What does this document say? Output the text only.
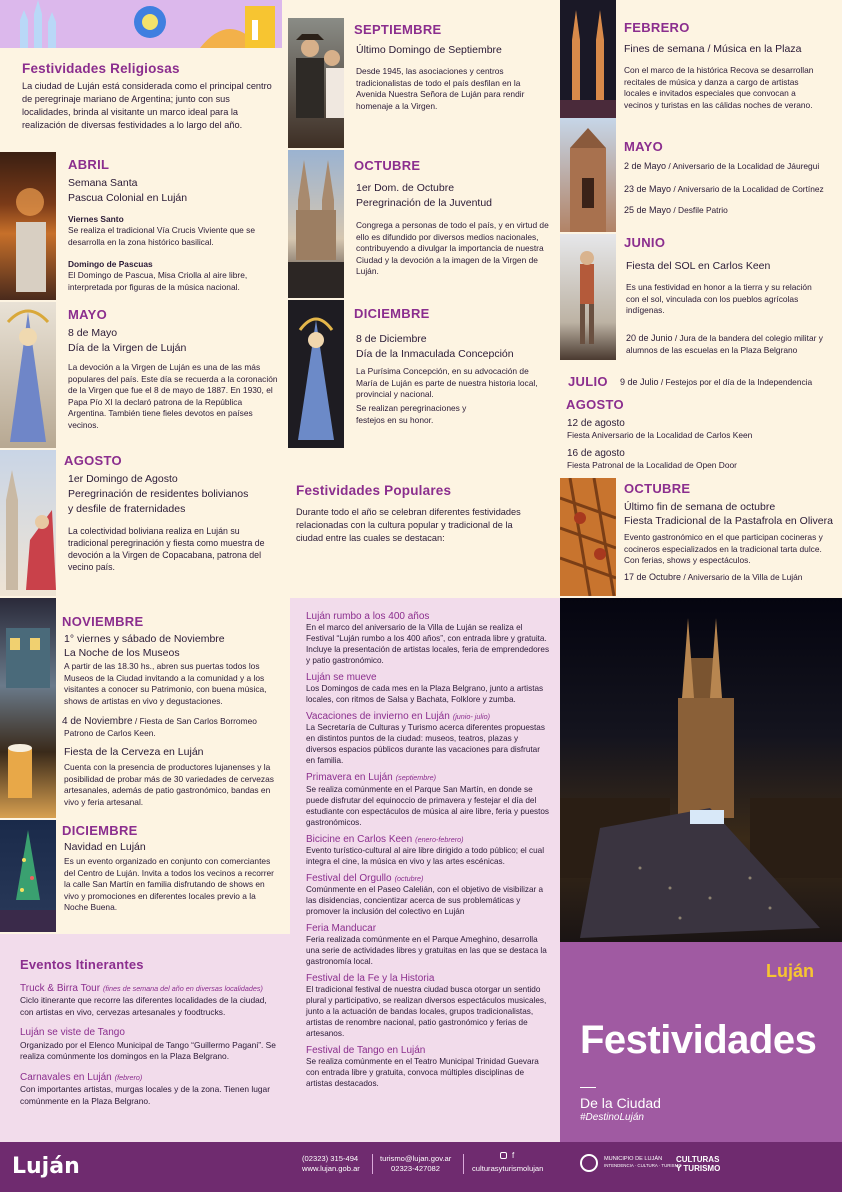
Festividades Religiosas

La ciudad de Luján está considerada como el principal centro de peregrinaje mariano de Argentina; junto con sus localidades, brinda al visitante un marco ideal para la realización de diversas festividades a lo largo del año.

ABRIL

Semana Santa

Pascua Colonial en Luján

Viernes Santo

Se realiza el tradicional Vía Crucis Viviente que se desarrolla en la zona histórico basilical.

Domingo de Pascuas

El Domingo de Pascua, Misa Criolla al aire libre, interpretada por figuras de la música nacional.

MAYO

8 de Mayo

Día de la Virgen de Luján

La devoción a la Virgen de Luján es una de las más populares del país. Este día se recuerda a la coronación de la Virgen que fue el 8 de mayo de 1887. En 1930, el Papa Pío XI la declaró patrona de la República Argentina. También tiene fieles devotos en países vecinos.

AGOSTO

1er Domingo de Agosto

Peregrinación de residentes bolivianos

y desfile de fraternidades

La colectividad boliviana realiza en Luján su tradicional peregrinación y fiesta como muestra de devoción a la Virgen de Copacabana, patrona del vecino país.

SEPTIEMBRE

Último Domingo de Septiembre

Desde 1945, las asociaciones y centros tradicionalistas de todo el país desfilan en la Avenida Nuestra Señora de Luján para rendir homenaje a la Virgen.

OCTUBRE

1er Dom. de Octubre

Peregrinación de la Juventud

Congrega a personas de todo el país, y en virtud de ello es difundido por diversos medios nacionales, contribuyendo a divulgar la importancia de nuestra Ciudad y la devoción a la imagen de la Virgen de Luján.

DICIEMBRE

8 de Diciembre

Día de la Inmaculada Concepción

La Purísima Concepción, en su advocación de María de Luján es parte de nuestra historia local, provincial y nacional.

Se realizan peregrinaciones y festejos en su honor.

Festividades Populares

Durante todo el año se celebran diferentes festividades relacionadas con la cultura popular y tradicional de la ciudad entre las cuales se destacan:

FEBRERO

Fines de semana / Música en la Plaza

Con el marco de la histórica Recova se desarrollan recitales de música y danza a cargo de artistas locales e invitados especiales que convocan a vecinos y turistas en las cálidas noches de verano.

MAYO

2 de Mayo / Aniversario de la Localidad de Jáuregui

23 de Mayo / Aniversario de la Localidad de Cortínez

25 de Mayo / Desfile Patrio

JUNIO

Fiesta del SOL en Carlos Keen

Es una festividad en honor a la tierra y su relación con el sol, vinculada con los pueblos agrícolas indígenas.

20 de Junio / Jura de la bandera del colegio militar y alumnos de las escuelas en la Plaza Belgrano

JULIO 9 de Julio / Festejos por el día de la Independencia

AGOSTO

12 de agosto

Fiesta Aniversario de la Localidad de Carlos Keen

16 de agosto

Fiesta Patronal de la Localidad de Open Door

OCTUBRE

Último fin de semana de octubre

Fiesta Tradicional de la Pastafrola en Olivera

Evento gastronómico en el que participan cocineras y cocineros especializados en la tradicional tarta dulce. Con ferias, shows y espectáculos.

17 de Octubre / Aniversario de la Villa de Luján

NOVIEMBRE

1° viernes y sábado de Noviembre

La Noche de los Museos

A partir de las 18.30 hs., abren sus puertas todos los Museos de la Ciudad invitando a la comunidad y a los visitantes a conocer su Patrimonio, con buena música, shows de artistas en vivo y degustaciones.

4 de Noviembre / Fiesta de San Carlos Borromeo

Patrono de Carlos Keen.

Fiesta de la Cerveza en Luján

Cuenta con la presencia de productores lujanenses y la posibilidad de probar más de 30 variedades de cervezas artesanales, además de patio gastronómico, bandas en vivo y feria artesanal.

DICIEMBRE

Navidad en Luján

Es un evento organizado en conjunto con comerciantes del Centro de Luján. Invita a todos los vecinos a recorrer la calle San Martín en familia disfrutando de shows en vivo y promociones en diferentes locales previo a la Noche Buena.

Luján rumbo a los 400 años

En el marco del aniversario de la Villa de Luján se realiza el Festival “Luján rumbo a los 400 años”, con entrada libre y gratuita. Incluye la presentación de artistas locales, feria de emprendedores y patio gastronómico.

Luján se mueve

Los Domingos de cada mes en la Plaza Belgrano, junto a artistas locales, con ritmos de Salsa y Bachata, Folklore y zumba.

Vacaciones de invierno en Luján (junio- julio)

La Secretaría de Culturas y Turismo acerca diferentes propuestas en distintos puntos de la ciudad: museos, teatros, plazas y diversos espacios públicos durante las vacaciones para disfrutar en familia.

Primavera en Luján (septiembre)

Se realiza comúnmente en el Parque San Martín, en donde se puede disfrutar del equinoccio de primavera y festejar el día del estudiante con espectáculos de música al aire libre, feria y puestos gastronómicos.

Bicicine en Carlos Keen (enero-febrero)

Evento turístico-cultural al aire libre dirigido a todo público; el cual integra el cine, la música en vivo y las artes escénicas.

Festival del Orgullo (octubre)

Comúnmente en el Paseo Calelián, con el objetivo de visibilizar a las disidencias, concientizar acerca de sus problemáticas y promover la inclusión del colectivo en Luján

Feria Manducar

Feria realizada comúnmente en el Parque Ameghino, desarrolla una serie de actividades libres y gratuitas en las que se destaca la gastronomía local.

Festival de la Fe y la Historia

El tradicional festival de nuestra ciudad busca otorgar un sentido plural y participativo, se realizan diversos espectáculos musicales, junto a la actuación de bandas locales, grupos tradicionalistas, artistas de renombre nacional, patio gastronómico y ferias de artesanos.

Festival de Tango en Luján

Se realiza comúnmente en el Teatro Municipal Trinidad Guevara con entrada libre y gratuita, convoca múltiples disciplinas de artistas destacados.

Eventos Itinerantes

Truck & Birra Tour (fines de semana del año en diversas localidades)

Ciclo itinerante que recorre las diferentes localidades de la ciudad, con artistas en vivo, cervezas artesanales y foodtrucks.

Luján se viste de Tango

Organizado por el Elenco Municipal de Tango “Guillermo Pagani”. Se realiza comúnmente los domingos en la Plaza Belgrano.

Carnavales en Luján (febrero)

Con importantes artistas, murgas locales y de la zona. Tienen lugar comúnmente en la Plaza Belgrano.

Luján

Festividades

De la Ciudad

#DestinoLuján

Luján	(02323) 315-494

www.lujan.gob.ar

turismo@lujan.gov.ar

02323-427082

f

culturasyturismolujan

MUNICIPIO DE LUJÁN

INTENDENCIA · CULTURA · TURISMO

CULTURAS

Y TURISMO
